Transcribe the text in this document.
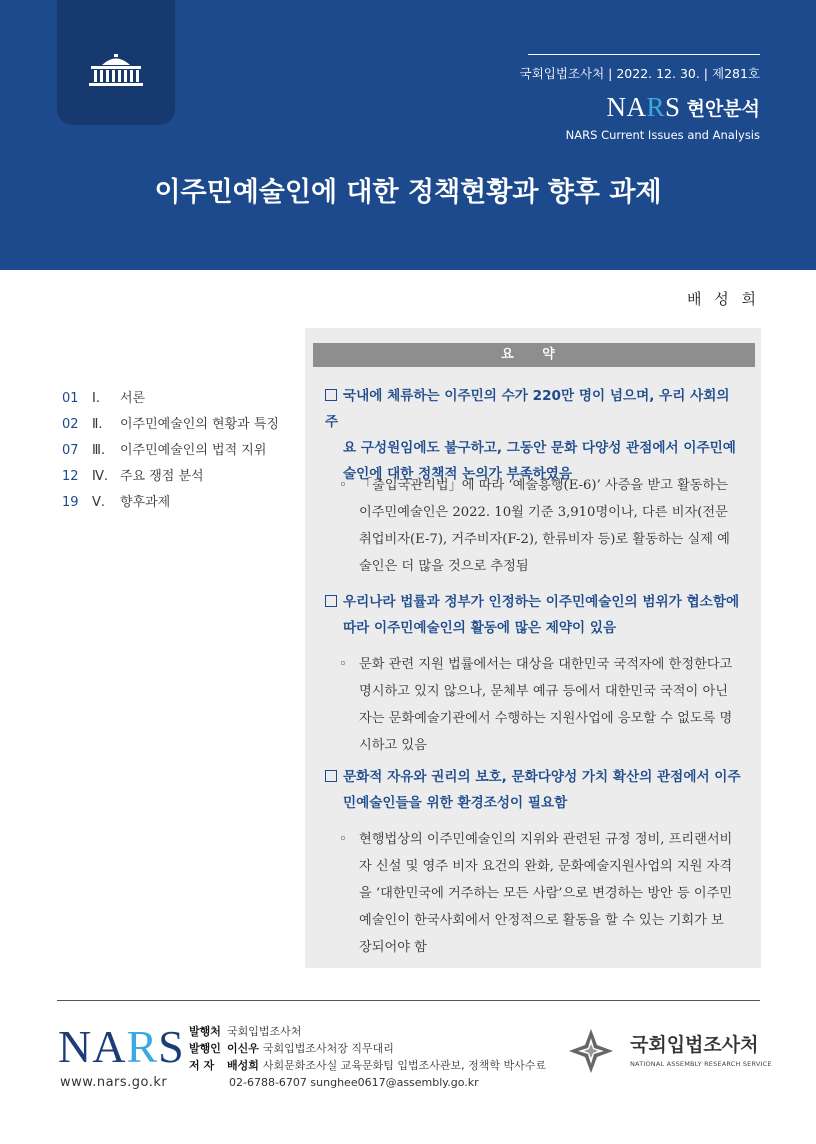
국회입법조사처 | 2022. 12. 30. | 제281호
NARS 현안분석
NARS Current Issues and Analysis
이주민예술인에 대한 정책현황과 향후 과제
배 성 희
01	Ⅰ.	서론
02	Ⅱ.	이주민예술인의 현황과 특징
07	Ⅲ.	이주민예술인의 법적 지위
12	Ⅳ. 주요 쟁점 분석
19	Ⅴ.	향후과제
요 약
국내에 체류하는 이주민의 수가 220만 명이 넘으며, 우리 사회의 주
요 구성원임에도 불구하고, 그동안 문화 다양성 관점에서 이주민예술인에 대한 정책적 논의가 부족하였음
◦ 「출입국관리법」에 따라 ‘예술흥행(E-6)’ 사증을 받고 활동하는 이주민예술인은 2022. 10월 기준 3,910명이나, 다른 비자(전문취업비자(E-7), 거주비자(F-2), 한류비자 등)로 활동하는 실제 예술인은 더 많을 것으로 추정됨
우리나라 법률과 정부가 인정하는 이주민예술인의 범위가 협소함에
따라 이주민예술인의 활동에 많은 제약이 있음
◦ 문화 관련 지원 법률에서는 대상을 대한민국 국적자에 한정한다고 명시하고 있지 않으나, 문체부 예규 등에서 대한민국 국적이 아닌 자는 문화예술기관에서 수행하는 지원사업에 응모할 수 없도록 명시하고 있음
문화적 자유와 권리의 보호, 문화다양성 가치 확산의 관점에서 이주
민예술인들을 위한 환경조성이 필요함
◦ 현행법상의 이주민예술인의 지위와 관련된 규정 정비, 프리랜서비자 신설 및 영주 비자 요건의 완화, 문화예술지원사업의 지원 자격을 ‘대한민국에 거주하는 모든 사람’으로 변경하는 방안 등 이주민예술인이 한국사회에서 안정적으로 활동을 할 수 있는 기회가 보장되어야 함
NARS
www.nars.go.kr
발행처 국회입법조사처
발행인 이신우 국회입법조사처장 직무대리
저 자	배성희 사회문화조사실 교육문화팀 입법조사관보, 정책학 박사수료
02-6788-6707 sunghee0617@assembly.go.kr
국회입법조사처
NATIONAL ASSEMBLY RESEARCH SERVICE
